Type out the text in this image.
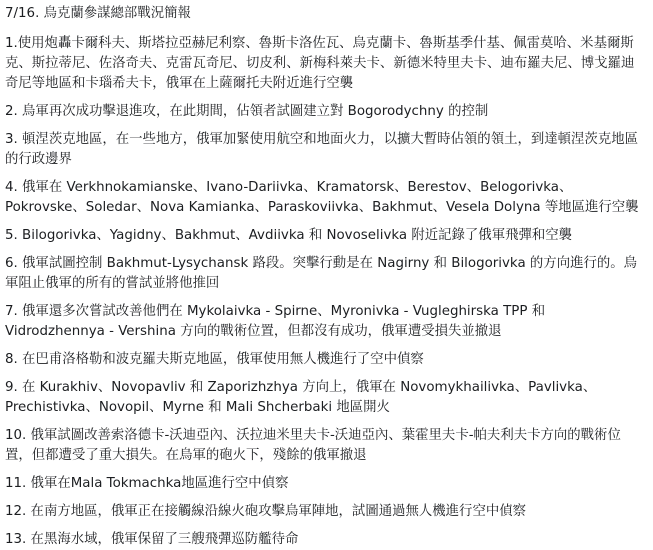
7/16. 烏克蘭參謀總部戰況簡報

1.使用炮轟卡爾科夫、斯塔拉亞赫尼利察、魯斯卡洛佐瓦、烏克蘭卡、魯斯基季什基、佩雷莫哈、米基爾斯克、斯拉蒂尼、佐洛奇夫、克雷瓦奇尼、切皮利、新梅科萊夫卡、新德米特里夫卡、迪布羅夫尼、博戈羅迪奇尼等地區和卡瑙希夫卡，俄軍在上薩爾托夫附近進行空襲

2. 烏軍再次成功擊退進攻，在此期間，佔領者試圖建立對 Bogorodychny 的控制

3. 頓涅茨克地區，在一些地方，俄軍加緊使用航空和地面火力，以擴大暫時佔領的領土，到達頓涅茨克地區的行政邊界

4. 俄軍在 Verkhnokamianske、Ivano-Dariivka、Kramatorsk、Berestov、Belogorivka、Pokrovske、Soledar、Nova Kamianka、Paraskoviivka、Bakhmut、Vesela Dolyna 等地區進行空襲

5. Bilogorivka、Yagidny、Bakhmut、Avdiivka 和 Novoselivka 附近記錄了俄軍飛彈和空襲

6. 俄軍試圖控制 Bakhmut-Lysychansk 路段。突擊行動是在 Nagirny 和 Bilogorivka 的方向進行的。烏軍阻止俄軍的所有的嘗試並將他推回

7. 俄軍還多次嘗試改善他們在 Mykolaivka - Spirne、Myronivka - Vugleghirska TPP 和 Vidrodzhennya - Vershina 方向的戰術位置，但都沒有成功，俄軍遭受損失並撤退

8. 在巴甫洛格勒和波克羅夫斯克地區，俄軍使用無人機進行了空中偵察

9. 在 Kurakhiv、Novopavliv 和 Zaporizhzhya 方向上，俄軍在 Novomykhailivka、Pavlivka、Prechistivka、Novopil、Myrne 和 Mali Shcherbaki 地區開火

10. 俄軍試圖改善索洛德卡-沃迪亞內、沃拉迪米里夫卡-沃迪亞內、葉霍里夫卡-帕夫利夫卡方向的戰術位置，但都遭受了重大損失。在烏軍的砲火下，殘餘的俄軍撤退

11. 俄軍在Mala Tokmachka地區進行空中偵察

12. 在南方地區，俄軍正在接觸線沿線火砲攻擊烏軍陣地，試圖通過無人機進行空中偵察

13. 在黑海水域，俄軍保留了三艘飛彈巡防艦待命
